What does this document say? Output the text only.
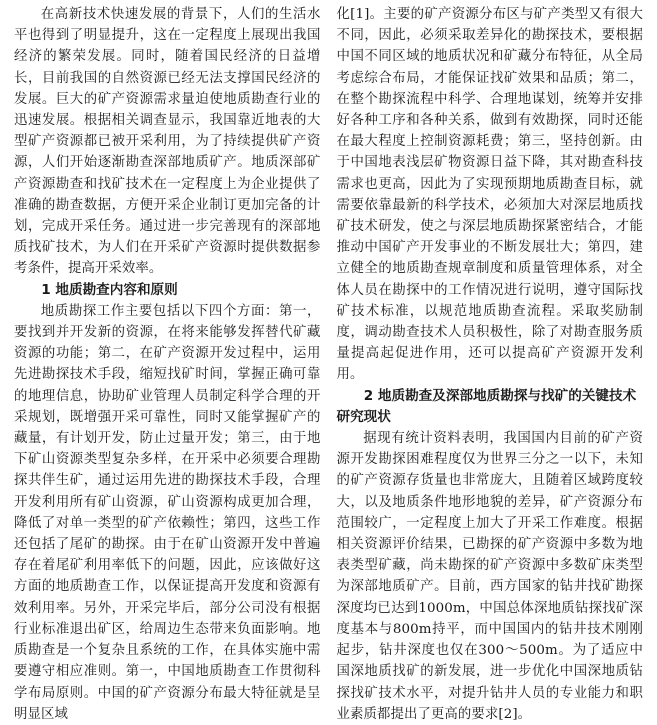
在高新技术快速发展的背景下，人们的生活水平也得到了明显提升，这在一定程度上展现出我国经济的繁荣发展。同时，随着国民经济的日益增长，目前我国的自然资源已经无法支撑国民经济的发展。巨大的矿产资源需求量迫使地质勘查行业的迅速发展。根据相关调查显示，我国靠近地表的大型矿产资源都已被开采利用，为了持续提供矿产资源，人们开始逐渐勘查深部地质矿产。地质深部矿产资源勘查和找矿技术在一定程度上为企业提供了准确的勘查数据，方便开采企业制订更加完备的计划，完成开采任务。通过进一步完善现有的深部地质找矿技术，为人们在开采矿产资源时提供数据参考条件，提高开采效率。

1 地质勘查内容和原则

地质勘探工作主要包括以下四个方面：第一，要找到并开发新的资源，在将来能够发挥替代矿藏资源的功能；第二，在矿产资源开发过程中，运用先进勘探技术手段，缩短找矿时间，掌握正确可靠的地理信息，协助矿业管理人员制定科学合理的开采规划，既增强开采可靠性，同时又能掌握矿产的藏量，有计划开发，防止过量开发；第三，由于地下矿山资源类型复杂多样，在开采中必须要合理勘探共伴生矿，通过运用先进的勘探技术手段，合理开发利用所有矿山资源，矿山资源构成更加合理，降低了对单一类型的矿产依赖性；第四，这些工作还包括了尾矿的勘探。由于在矿山资源开发中普遍存在着尾矿利用率低下的问题，因此，应该做好这方面的地质勘查工作，以保证提高开发度和资源有效利用率。另外，开采完毕后，部分公司没有根据行业标准退出矿区，给周边生态带来负面影响。地质勘查是一个复杂且系统的工作，在具体实施中需要遵守相应准则。第一，中国地质勘查工作贯彻科学布局原则。中国的矿产资源分布最大特征就是呈明显区域

化[1]。主要的矿产资源分布区与矿产类型又有很大不同，因此，必须采取差异化的勘探技术，要根据中国不同区域的地质状况和矿藏分布特征，从全局考虑综合布局，才能保证找矿效果和品质；第二，在整个勘探流程中科学、合理地谋划，统筹并安排好各种工序和各种关系，做到有效勘探，同时还能在最大程度上控制资源耗费；第三，坚持创新。由于中国地表浅层矿物资源日益下降，其对勘查科技需求也更高，因此为了实现预期地质勘查目标，就需要依靠最新的科学技术，必须加大对深层地质找矿技术研发，使之与深层地质勘探紧密结合，才能推动中国矿产开发事业的不断发展壮大；第四，建立健全的地质勘查规章制度和质量管理体系，对全体人员在勘探中的工作情况进行说明，遵守国际找矿技术标准，以规范地质勘查流程。采取奖励制度，调动勘查技术人员积极性，除了对勘查服务质量提高起促进作用，还可以提高矿产资源开发利用。

2 地质勘查及深部地质勘探与找矿的关键技术研究现状

据现有统计资料表明，我国国内目前的矿产资源开发勘探困难程度仅为世界三分之一以下，未知的矿产资源存货量也非常庞大，且随着区域跨度较大，以及地质条件地形地貌的差异，矿产资源分布范围较广，一定程度上加大了开采工作难度。根据相关资源评价结果，已勘探的矿产资源中多数为地表类型矿藏，尚未勘探的矿产资源中多数矿床类型为深部地质矿产。目前，西方国家的钻井找矿勘探深度均已达到1000m，中国总体深地质钻探找矿深度基本与800m持平，而中国国内的钻井技术刚刚起步，钻井深度也仅在300～500m。为了适应中国深地质找矿的新发展，进一步优化中国深地质钻探找矿技术水平，对提升钻井人员的专业能力和职业素质都提出了更高的要求[2]。
